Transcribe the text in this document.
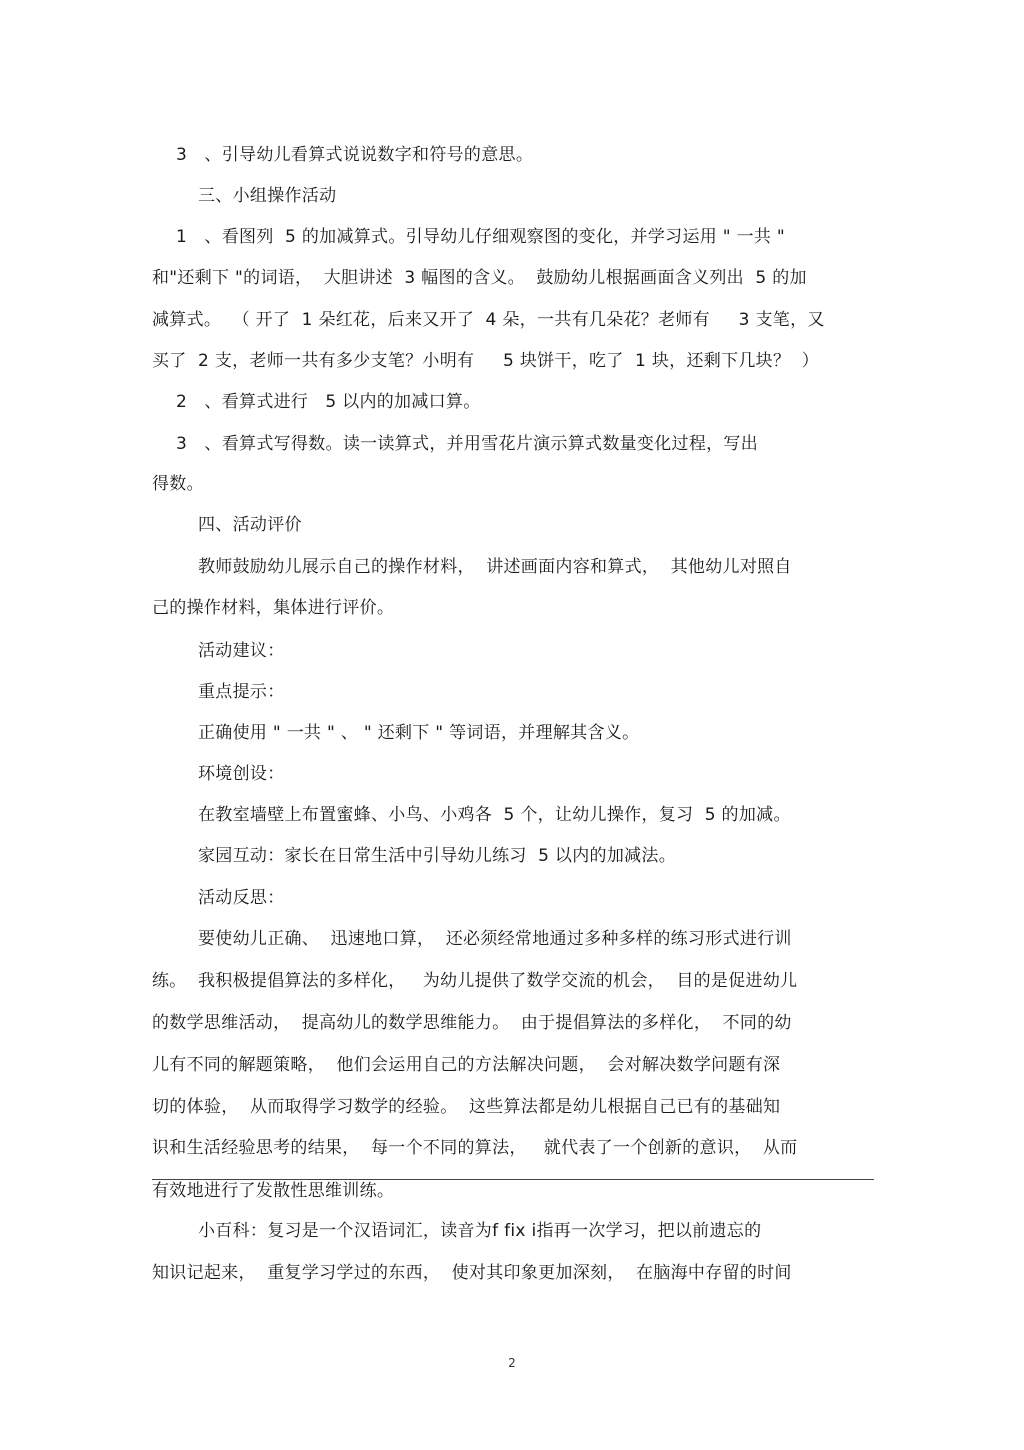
3　、引导幼儿看算式说说数字和符号的意思。
三、小组操作活动
1　、看图列  5 的加减算式。引导幼儿仔细观察图的变化，并学习运用 " 一共 "
和"还剩下 "的词语，  大胆讲述  3 幅图的含义。  鼓励幼儿根据画面含义列出  5 的加
减算式。  （ 开了  1 朵红花，后来又开了  4 朵，一共有几朵花？老师有　  3 支笔，又
买了  2 支，老师一共有多少支笔？小明有　  5 块饼干，吃了  1 块，还剩下几块？  ）
2　、看算式进行   5 以内的加减口算。
3　、看算式写得数。读一读算式，并用雪花片演示算式数量变化过程，写出
得数。
四、活动评价
教师鼓励幼儿展示自己的操作材料，  讲述画面内容和算式，  其他幼儿对照自
己的操作材料，集体进行评价。
活动建议：
重点提示：
正确使用 " 一共 " 、 " 还剩下 " 等词语，并理解其含义。
环境创设：
在教室墙壁上布置蜜蜂、小鸟、小鸡各  5 个，让幼儿操作，复习  5 的加减。
家园互动：家长在日常生活中引导幼儿练习  5 以内的加减法。
活动反思：
要使幼儿正确、  迅速地口算，  还必须经常地通过多种多样的练习形式进行训
练。  我积极提倡算法的多样化，   为幼儿提供了数学交流的机会，  目的是促进幼儿
的数学思维活动，  提高幼儿的数学思维能力。  由于提倡算法的多样化，  不同的幼
儿有不同的解题策略，  他们会运用自己的方法解决问题，  会对解决数学问题有深
切的体验，  从而取得学习数学的经验。  这些算法都是幼儿根据自己已有的基础知
识和生活经验思考的结果，  每一个不同的算法，   就代表了一个创新的意识，  从而
有效地进行了发散性思维训练。
小百科：复习是一个汉语词汇，读音为f fix i指再一次学习，把以前遗忘的
知识记起来，  重复学习学过的东西，  使对其印象更加深刻，  在脑海中存留的时间
2
